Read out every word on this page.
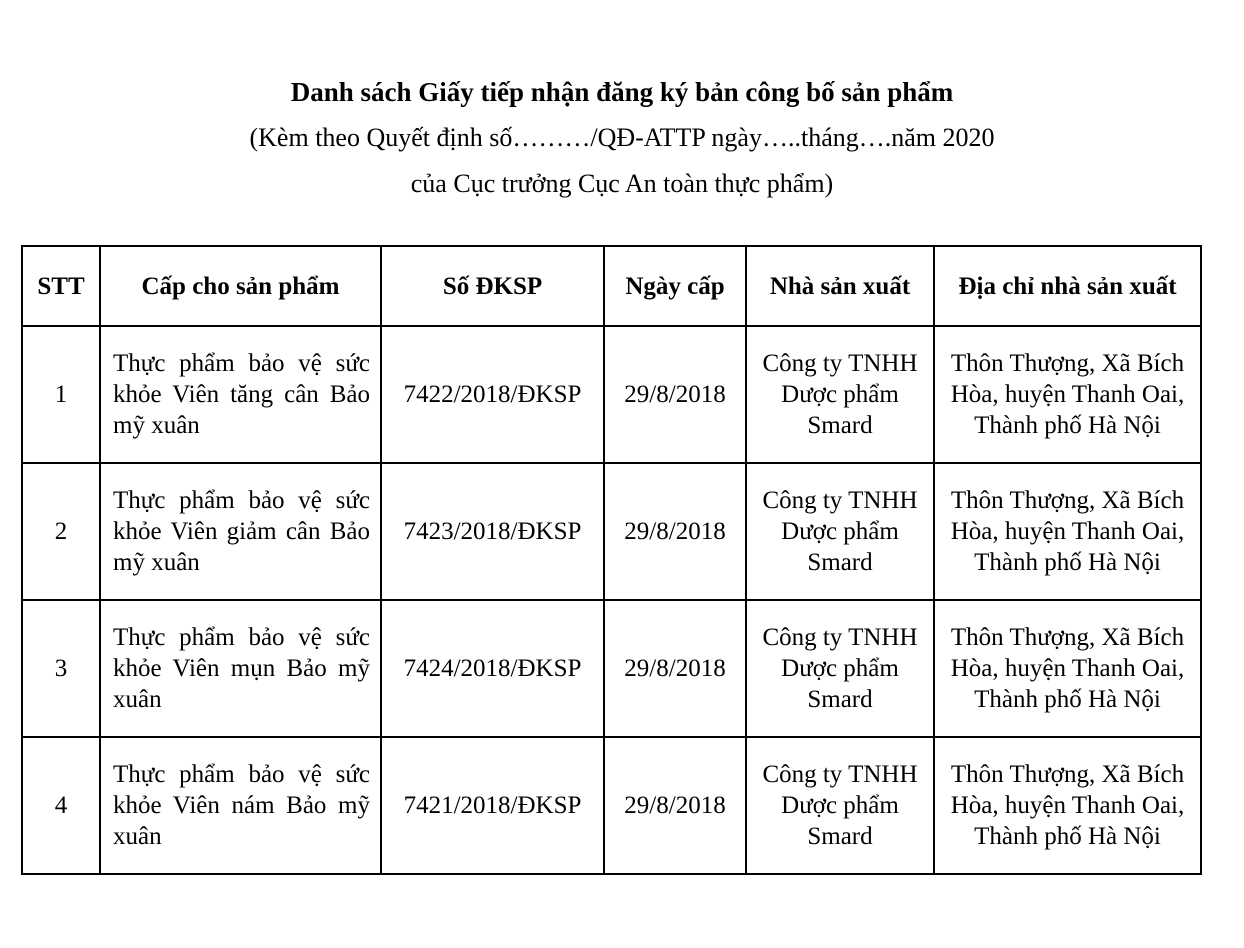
Danh sách Giấy tiếp nhận đăng ký bản công bố sản phẩm
(Kèm theo Quyết định số………/QĐ-ATTP ngày…..tháng….năm 2020
của Cục trưởng Cục An toàn thực phẩm)
STT	Cấp cho sản phẩm	Số ĐKSP	Ngày cấp	Nhà sản xuất	Địa chỉ nhà sản xuất
1	Thực phẩm bảo vệ sức khỏe Viên tăng cân Bảo mỹ xuân	7422/2018/ĐKSP	29/8/2018	Công ty TNHH Dược phẩm Smard	Thôn Thượng, Xã Bích Hòa, huyện Thanh Oai, Thành phố Hà Nội
2	Thực phẩm bảo vệ sức khỏe Viên giảm cân Bảo mỹ xuân	7423/2018/ĐKSP	29/8/2018	Công ty TNHH Dược phẩm Smard	Thôn Thượng, Xã Bích Hòa, huyện Thanh Oai, Thành phố Hà Nội
3	Thực phẩm bảo vệ sức khỏe Viên mụn Bảo mỹ xuân	7424/2018/ĐKSP	29/8/2018	Công ty TNHH Dược phẩm Smard	Thôn Thượng, Xã Bích Hòa, huyện Thanh Oai, Thành phố Hà Nội
4	Thực phẩm bảo vệ sức khỏe Viên nám Bảo mỹ xuân	7421/2018/ĐKSP	29/8/2018	Công ty TNHH Dược phẩm Smard	Thôn Thượng, Xã Bích Hòa, huyện Thanh Oai, Thành phố Hà Nội
